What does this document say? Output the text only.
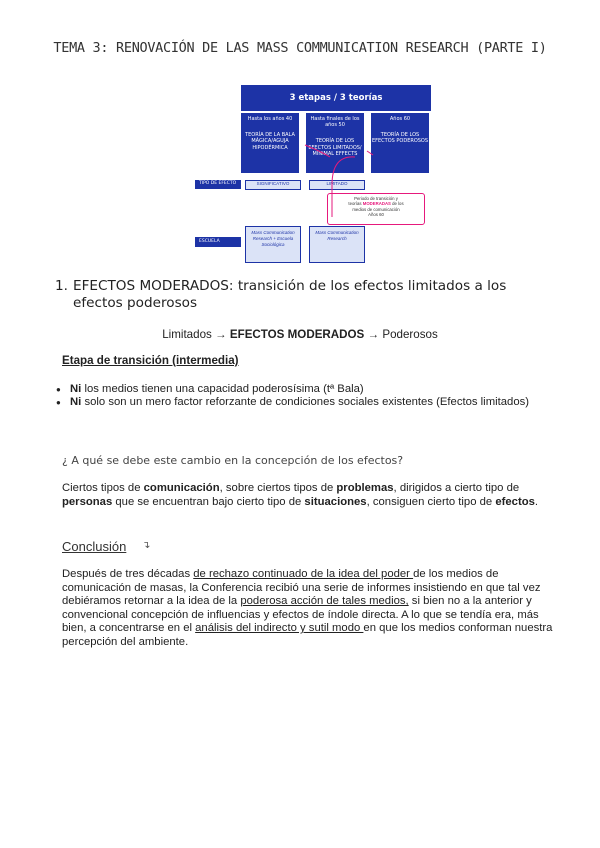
TEMA 3: RENOVACIÓN DE LAS MASS COMMUNICATION RESEARCH (PARTE I)
3 etapas / 3 teorías
Hasta los años 40
TEORÍA DE LA BALA MÁGICA/AGUJA HIPODÉRMICA
Hasta finales de los años 50
TEORÍA DE LOS EFECTOS LIMITADOS/ MINIMAL EFFECTS
Años 60
TEORÍA DE LOS EFECTOS PODEROSOS
TIPO DE EFECTO	SIGNIFICATIVO	LIMITADO
Periodo de transición y
teorías MODERADAS de los
medios de comunicación
Años 60
ESCUELA
Mass Communication Research + Escuela Sociológica
Mass Communication Research
1. EFECTOS MODERADOS: transición de los efectos limitados a los efectos poderosos
Limitados → EFECTOS MODERADOS → Poderosos
Etapa de transición (intermedia)
● Ni los medios tienen una capacidad poderosísima (tª Bala)
● Ni solo son un mero factor reforzante de condiciones sociales existentes (Efectos limitados)
¿ A qué se debe este cambio en la concepción de los efectos?
Ciertos tipos de comunicación, sobre ciertos tipos de problemas, dirigidos a cierto tipo de personas que se encuentran bajo cierto tipo de situaciones, consiguen cierto tipo de efectos.
Conclusión ↴
Después de tres décadas de rechazo continuado de la idea del poder de los medios de comunicación de masas, la Conferencia recibió una serie de informes insistiendo en que tal vez debiéramos retornar a la idea de la poderosa acción de tales medios, si bien no a la anterior y convencional concepción de influencias y efectos de índole directa. A lo que se tendía era, más bien, a concentrarse en el análisis del indirecto y sutil modo en que los medios conforman nuestra percepción del ambiente.
